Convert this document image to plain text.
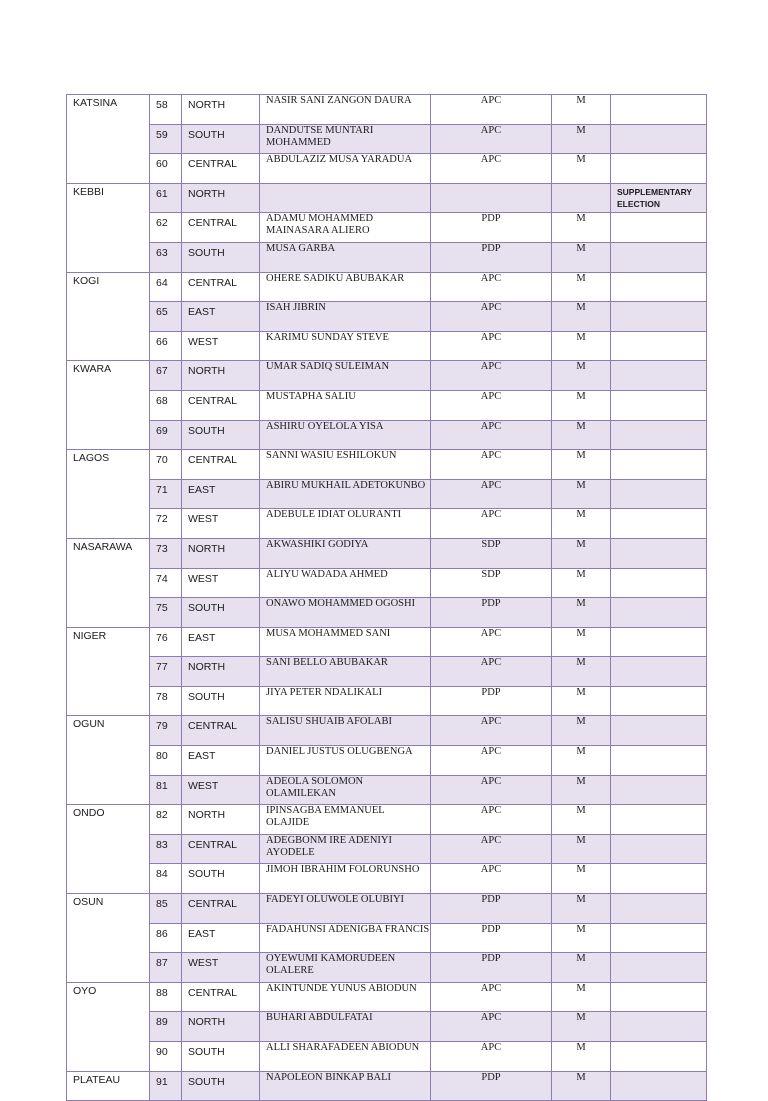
KATSINA	58	NORTH	NASIR SANI ZANGON DAURA	APC	M	
	59	SOUTH	DANDUTSE MUNTARI MOHAMMED	APC	M	
	60	CENTRAL	ABDULAZIZ MUSA YARADUA	APC	M	
KEBBI	61	NORTH				SUPPLEMENTARY ELECTION
	62	CENTRAL	ADAMU MOHAMMED MAINASARA ALIERO	PDP	M	
	63	SOUTH	MUSA GARBA	PDP	M	
KOGI	64	CENTRAL	OHERE SADIKU ABUBAKAR	APC	M	
	65	EAST	ISAH JIBRIN	APC	M	
	66	WEST	KARIMU SUNDAY STEVE	APC	M	
KWARA	67	NORTH	UMAR SADIQ SULEIMAN	APC	M	
	68	CENTRAL	MUSTAPHA SALIU	APC	M	
	69	SOUTH	ASHIRU OYELOLA YISA	APC	M	
LAGOS	70	CENTRAL	SANNI WASIU ESHILOKUN	APC	M	
	71	EAST	ABIRU MUKHAIL ADETOKUNBO	APC	M	
	72	WEST	ADEBULE IDIAT OLURANTI	APC	M	
NASARAWA	73	NORTH	AKWASHIKI GODIYA	SDP	M	
	74	WEST	ALIYU WADADA AHMED	SDP	M	
	75	SOUTH	ONAWO MOHAMMED OGOSHI	PDP	M	
NIGER	76	EAST	MUSA MOHAMMED SANI	APC	M	
	77	NORTH	SANI BELLO ABUBAKAR	APC	M	
	78	SOUTH	JIYA PETER NDALIKALI	PDP	M	
OGUN	79	CENTRAL	SALISU SHUAIB AFOLABI	APC	M	
	80	EAST	DANIEL JUSTUS OLUGBENGA	APC	M	
	81	WEST	ADEOLA SOLOMON OLAMILEKAN	APC	M	
ONDO	82	NORTH	IPINSAGBA EMMANUEL OLAJIDE	APC	M	
	83	CENTRAL	ADEGBONM IRE ADENIYI AYODELE	APC	M	
	84	SOUTH	JIMOH IBRAHIM FOLORUNSHO	APC	M	
OSUN	85	CENTRAL	FADEYI OLUWOLE OLUBIYI	PDP	M	
	86	EAST	FADAHUNSI ADENIGBA FRANCIS	PDP	M	
	87	WEST	OYEWUMI KAMORUDEEN OLALERE	PDP	M	
OYO	88	CENTRAL	AKINTUNDE YUNUS ABIODUN	APC	M	
	89	NORTH	BUHARI ABDULFATAI	APC	M	
	90	SOUTH	ALLI SHARAFADEEN ABIODUN	APC	M	
PLATEAU	91	SOUTH	NAPOLEON BINKAP BALI	PDP	M	
